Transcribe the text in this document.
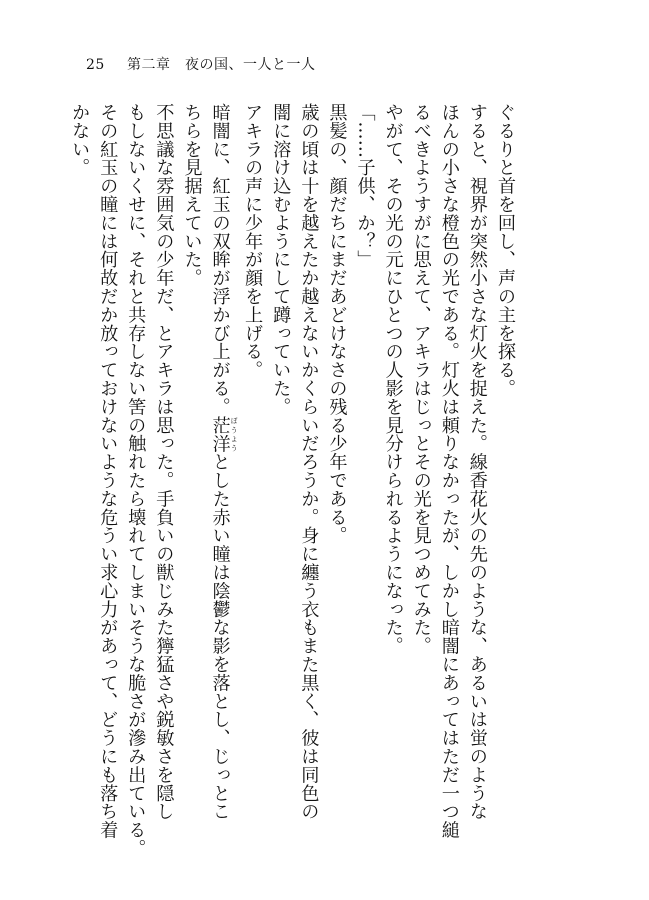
25 第二章　夜の国、一人と一人
ぐるりと首を回し、声の主を探る。
すると、視界が突然小さな灯火を捉えた。線香花火の先のような、あるいは蛍のような
ほんの小さな橙色の光である。灯火は頼りなかったが、しかし暗闇にあってはただ一つ縋
るべきようすがに思えて、アキラはじっとその光を見つめてみた。
やがて、その光の元にひとつの人影を見分けられるようになった。
「……子供、か？」
黒髪の、顔だちにまだあどけなさの残る少年である。
歳の頃は十を越えたか越えないかくらいだろうか。身に纏う衣もまた黒く、彼は同色の
闇に溶け込むようにして蹲っていた。
アキラの声に少年が顔を上げる。
暗闇に、紅玉の双眸が浮かび上がる。茫洋 ぼうようとした赤い瞳は陰鬱な影を落とし、じっとこ
ちらを見据えていた。
不思議な雰囲気の少年だ、とアキラは思った。手負いの獣じみた獰猛さや鋭敏さを隠し
もしないくせに、それと共存しない筈の触れたら壊れてしまいそうな脆さが滲み出ている。
その紅玉の瞳には何故だか放っておけないような危うい求心力があって、どうにも落ち着
かない。
